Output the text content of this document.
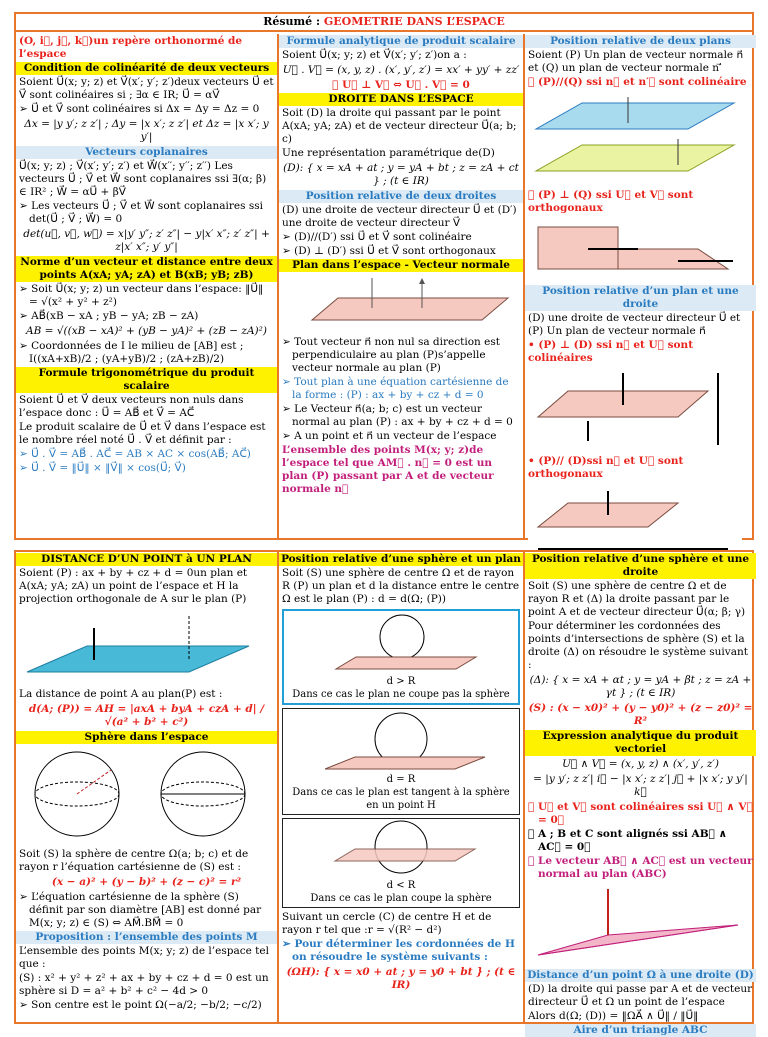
Résumé : GEOMETRIE DANS L’ESPACE

(O, i⃗, j⃗, k⃗)un repère orthonormé de l’espace

Condition de colinéarité de deux vecteurs

Soient U⃗(x; y; z) et V⃗(x′; y′; z′)deux vecteurs U⃗ et V⃗ sont colinéaires si ; ∃α ∈ IR; U⃗ = αV⃗

➢ U⃗ et V⃗ sont colinéaires si Δx = Δy = Δz = 0

Δx = |y y′; z z′| ; Δy = |x x′; z z′| et Δz = |x x′; y y′|

Vecteurs coplanaires

U⃗(x; y; z) ; V⃗(x′; y′; z′) et W⃗(x′′; y′′; z′′) Les vecteurs U⃗ ; V⃗ et W⃗ sont coplanaires ssi ∃(α; β) ∈ IR² ; W⃗ = αU⃗ + βV⃗

➢ Les vecteurs U⃗ ; V⃗ et W⃗ sont coplanaires ssi det(U⃗ ; V⃗ ; W⃗) = 0

det(u⃗, v⃗, w⃗) = x|y′ y″; z′ z″| − y|x′ x″; z′ z″| + z|x′ x″; y′ y″|

Norme d’un vecteur et distance entre deux points A(xA; yA; zA) et B(xB; yB; zB)

➢ Soit U⃗(x; y; z) un vecteur dans l’espace: ‖U⃗‖ = √(x² + y² + z²)

➢ AB⃗(xB − xA ; yB − yA; zB − zA)

AB = √((xB − xA)² + (yB − yA)² + (zB − zA)²)

➢ Coordonnées de I le milieu de [AB] est ; I((xA+xB)/2 ; (yA+yB)/2 ; (zA+zB)/2)

Formule trigonométrique du produit scalaire

Soient U⃗ et V⃗ deux vecteurs non nuls dans l’espace donc : U⃗ = AB⃗ et V⃗ = AC⃗

Le produit scalaire de U⃗ et V⃗ dans l’espace est le nombre réel noté U⃗ . V⃗ et définit par :

➢ U⃗ . V⃗ = AB⃗ . AC⃗ = AB × AC × cos(AB⃗; AC⃗)

➢ U⃗ . V⃗ = ‖U⃗‖ × ‖V⃗‖ × cos(U⃗; V⃗)

Formule analytique de produit scalaire

Soient U⃗(x; y; z) et V⃗(x′; y′; z′)on a :

U⃗ . V⃗ = (x, y, z) . (x′, y′, z′) = xx′ + yy′ + zz′

➢ U⃗ ⊥ V⃗ ⇔ U⃗ . V⃗ = 0

DROITE DANS L’ESPACE

Soit (D) la droite qui passant par le point A(xA; yA; zA) et de vecteur directeur U⃗(a; b; c)

Une représentation paramétrique de(D)

(D): { x = xA + at ; y = yA + bt ; z = zA + ct } ; (t ∈ IR)

Position relative de deux droites

(D) une droite de vecteur directeur U⃗ et (D′) une droite de vecteur directeur V⃗

➢ (D)//(D′) ssi U⃗ et V⃗ sont colinéaire

➢ (D) ⊥ (D′) ssi U⃗ et V⃗ sont orthogonaux

Plan dans l’espace - Vecteur normale

➢ Tout vecteur n⃗ non nul sa direction est perpendiculaire au plan (P)s’appelle vecteur normale au plan (P)

➢ Tout plan à une équation cartésienne de la forme : (P) : ax + by + cz + d = 0

➢ Le Vecteur n⃗(a; b; c) est un vecteur normal au plan (P) : ax + by + cz + d = 0

➢ A un point et n⃗ un vecteur de l’espace

L’ensemble des points M(x; y; z)de l’espace tel que AM⃗ . n⃗ = 0 est un plan (P) passant par A et de vecteur normale n⃗

Position relative de deux plans

Soient (P) Un plan de vecteur normale n⃗ et (Q) un plan de vecteur normale n′⃗

➢ (P)//(Q) ssi n⃗ et n′⃗ sont colinéaire

➢ (P) ⊥ (Q) ssi U⃗ et V⃗ sont orthogonaux

Position relative d’un plan et une droite

(D) une droite de vecteur directeur U⃗ et (P) Un plan de vecteur normale n⃗

• (P) ⊥ (D) ssi n⃗ et U⃗ sont colinéaires

• (P)// (D)ssi n⃗ et U⃗ sont orthogonaux

DISTANCE D’UN POINT à UN PLAN

Soient (P) : ax + by + cz + d = 0un plan et A(xA; yA; zA) un point de l’espace et H la projection orthogonale de A sur le plan (P)

La distance de point A au plan(P) est :

d(A; (P)) = AH = |axA + byA + czA + d| / √(a² + b² + c²)

Sphère dans l’espace

Soit (S) la sphère de centre Ω(a; b; c) et de rayon r l’équation cartésienne de (S) est :

(x − a)² + (y − b)² + (z − c)² = r²

➢ L’équation cartésienne de la sphère (S) définit par son diamètre [AB] est donné par M(x; y; z) ∈ (S) ⇔ AM⃗.BM⃗ = 0

Proposition : l’ensemble des points M

L’ensemble des points M(x; y; z) de l’espace tel que :

(S) : x² + y² + z² + ax + by + cz + d = 0 est un sphère si D = a² + b² + c² − 4d > 0

➢ Son centre est le point Ω(−a/2; −b/2; −c/2)

Position relative d’une sphère et un plan

Soit (S) une sphère de centre Ω et de rayon R (P) un plan et d la distance entre le centre Ω est le plan (P) : d = d(Ω; (P))

d > R
Dans ce cas le plan ne coupe pas la sphère
d = R
Dans ce cas le plan est tangent à la sphère en un point H
d < R
Dans ce cas le plan coupe la sphère

Suivant un cercle (C) de centre H et de rayon r tel que :r = √(R² − d²)

➢ Pour déterminer les cordonnées de H on résoudre le système suivants :

(ΩH): { x = x0 + at ; y = y0 + bt } ; (t ∈ IR)

Position relative d’une sphère et une droite

Soit (S) une sphère de centre Ω et de rayon R et (Δ) la droite passant par le point A et de vecteur directeur U⃗(α; β; γ)

Pour déterminer les cordonnées des points d’intersections de sphère (S) et la droite (Δ) on résoudre le système suivant :

(Δ): { x = xA + αt ; y = yA + βt ; z = zA + γt } ; (t ∈ IR)

(S) : (x − x0)² + (y − y0)² + (z − z0)² = R²

Expression analytique du produit vectoriel

U⃗ ∧ V⃗ = (x, y, z) ∧ (x′, y′, z′)

= |y y′; z z′| i⃗ − |x x′; z z′| j⃗ + |x x′; y y′| k⃗

➢ U⃗ et V⃗ sont colinéaires ssi U⃗ ∧ V⃗ = 0⃗

➢ A ; B et C sont alignés ssi AB⃗ ∧ AC⃗ = 0⃗

➢ Le vecteur AB⃗ ∧ AC⃗ est un vecteur normal au plan (ABC)

Distance d’un point Ω à une droite (D)

(D) la droite qui passe par A et de vecteur directeur U⃗ et Ω un point de l’espace

Alors d(Ω; (D)) = ‖ΩA⃗ ∧ U⃗‖ / ‖U⃗‖

Aire d’un triangle ABC
